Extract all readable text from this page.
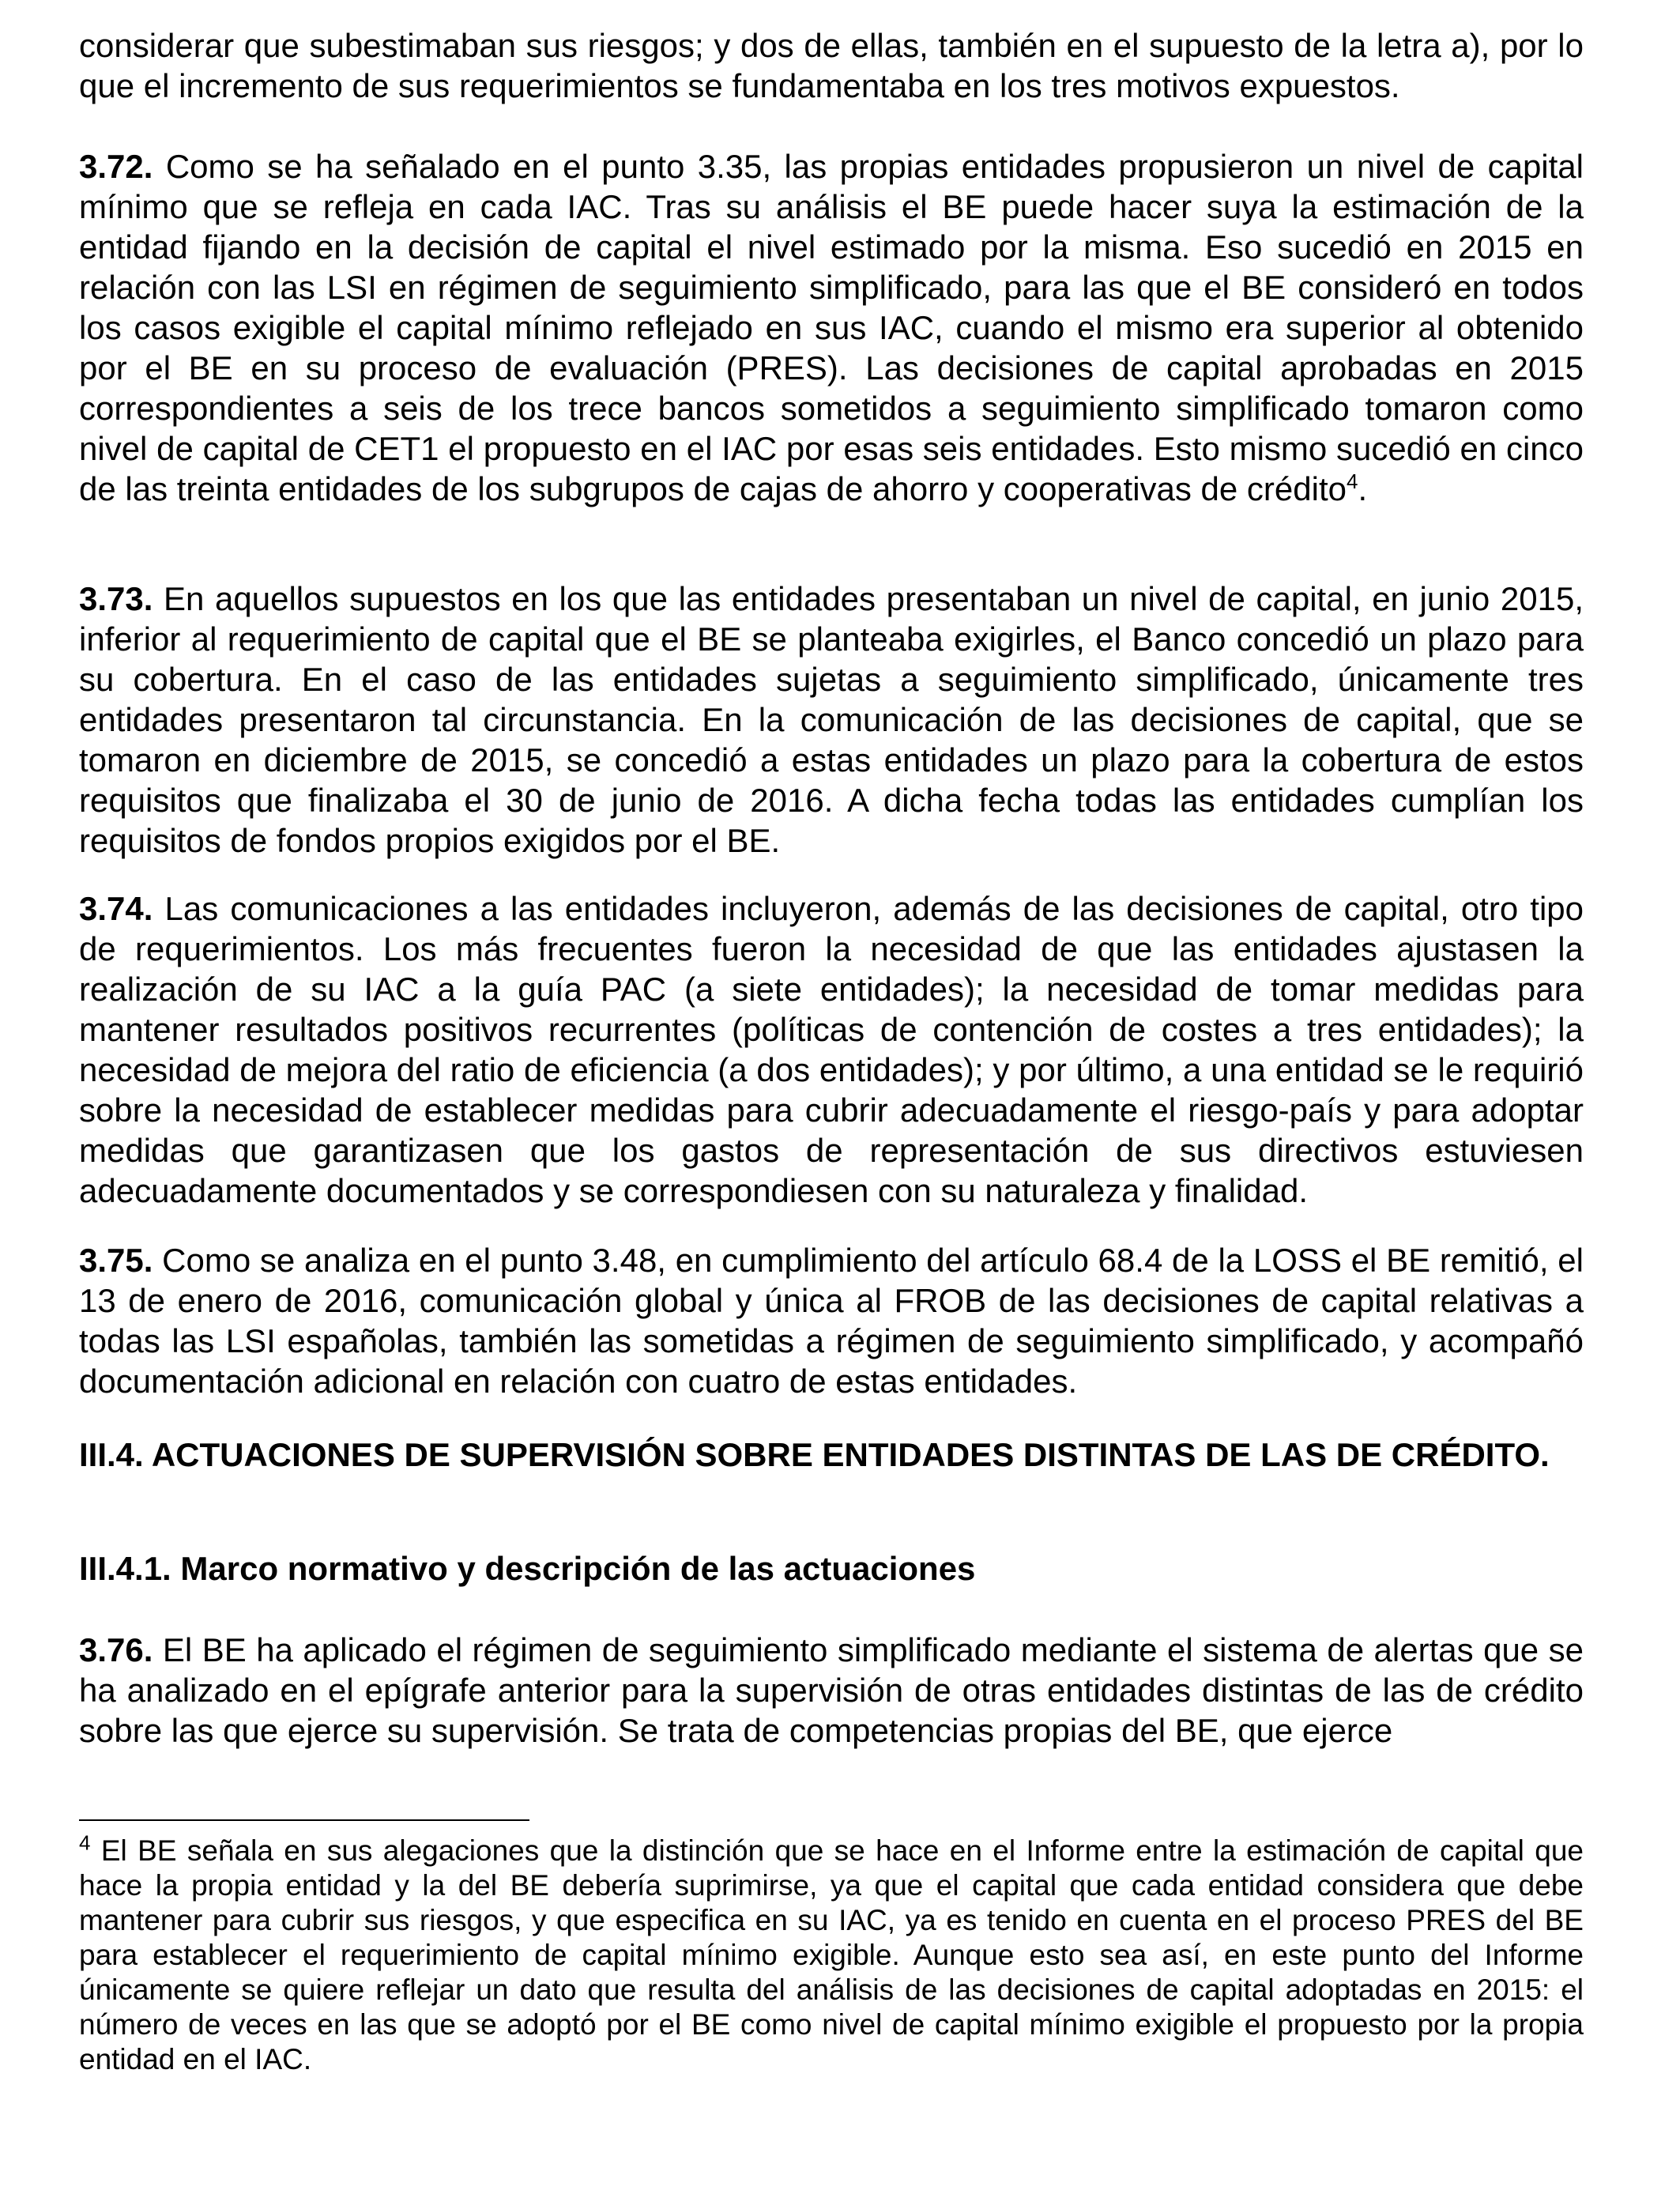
considerar que subestimaban sus riesgos; y dos de ellas, también en el supuesto de la letra a), por lo que el incremento de sus requerimientos se fundamentaba en los tres motivos expuestos.

3.72. Como se ha señalado en el punto 3.35, las propias entidades propusieron un nivel de capital mínimo que se refleja en cada IAC. Tras su análisis el BE puede hacer suya la estimación de la entidad fijando en la decisión de capital el nivel estimado por la misma. Eso sucedió en 2015 en relación con las LSI en régimen de seguimiento simplificado, para las que el BE consideró en todos los casos exigible el capital mínimo reflejado en sus IAC, cuando el mismo era superior al obtenido por el BE en su proceso de evaluación (PRES). Las decisiones de capital aprobadas en 2015 correspondientes a seis de los trece bancos sometidos a seguimiento simplificado tomaron como nivel de capital de CET1 el propuesto en el IAC por esas seis entidades. Esto mismo sucedió en cinco de las treinta entidades de los subgrupos de cajas de ahorro y cooperativas de crédito$^4$.

3.73. En aquellos supuestos en los que las entidades presentaban un nivel de capital, en junio 2015, inferior al requerimiento de capital que el BE se planteaba exigirles, el Banco concedió un plazo para su cobertura. En el caso de las entidades sujetas a seguimiento simplificado, únicamente tres entidades presentaron tal circunstancia. En la comunicación de las decisiones de capital, que se tomaron en diciembre de 2015, se concedió a estas entidades un plazo para la cobertura de estos requisitos que finalizaba el 30 de junio de 2016. A dicha fecha todas las entidades cumplían los requisitos de fondos propios exigidos por el BE.

3.74. Las comunicaciones a las entidades incluyeron, además de las decisiones de capital, otro tipo de requerimientos. Los más frecuentes fueron la necesidad de que las entidades ajustasen la realización de su IAC a la guía PAC (a siete entidades); la necesidad de tomar medidas para mantener resultados positivos recurrentes (políticas de contención de costes a tres entidades); la necesidad de mejora del ratio de eficiencia (a dos entidades); y por último, a una entidad se le requirió sobre la necesidad de establecer medidas para cubrir adecuadamente el riesgo-país y para adoptar medidas que garantizasen que los gastos de representación de sus directivos estuviesen adecuadamente documentados y se correspondiesen con su naturaleza y finalidad.

3.75. Como se analiza en el punto 3.48, en cumplimiento del artículo 68.4 de la LOSS el BE remitió, el 13 de enero de 2016, comunicación global y única al FROB de las decisiones de capital relativas a todas las LSI españolas, también las sometidas a régimen de seguimiento simplificado, y acompañó documentación adicional en relación con cuatro de estas entidades.

III.4. ACTUACIONES DE SUPERVISIÓN SOBRE ENTIDADES DISTINTAS DE LAS DE CRÉDITO.
III.4.1. Marco normativo y descripción de las actuaciones

3.76. El BE ha aplicado el régimen de seguimiento simplificado mediante el sistema de alertas que se ha analizado en el epígrafe anterior para la supervisión de otras entidades distintas de las de crédito sobre las que ejerce su supervisión. Se trata de competencias propias del BE, que ejerce

$^4$ El BE señala en sus alegaciones que la distinción que se hace en el Informe entre la estimación de capital que hace la propia entidad y la del BE debería suprimirse, ya que el capital que cada entidad considera que debe mantener para cubrir sus riesgos, y que especifica en su IAC, ya es tenido en cuenta en el proceso PRES del BE para establecer el requerimiento de capital mínimo exigible. Aunque esto sea así, en este punto del Informe únicamente se quiere reflejar un dato que resulta del análisis de las decisiones de capital adoptadas en 2015: el número de veces en las que se adoptó por el BE como nivel de capital mínimo exigible el propuesto por la propia entidad en el IAC.
